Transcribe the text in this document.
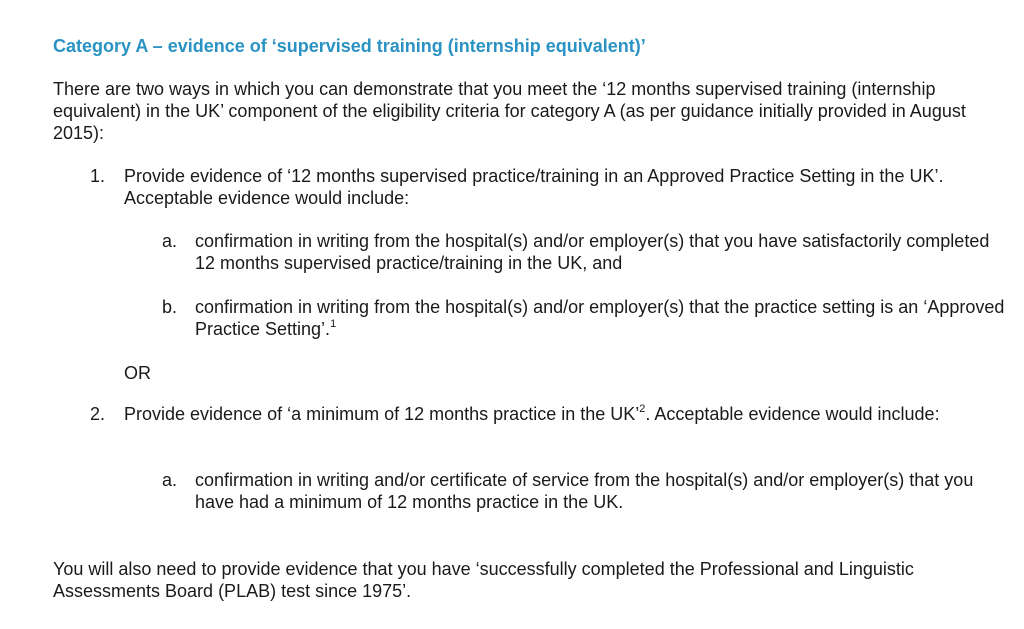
Category A – evidence of ‘supervised training (internship equivalent)’
There are two ways in which you can demonstrate that you meet the ‘12 months supervised training (internship equivalent) in the UK’ component of the eligibility criteria for category A (as per guidance initially provided in August 2015):
1. Provide evidence of ‘12 months supervised practice/training in an Approved Practice Setting in the UK’. Acceptable evidence would include:
a. confirmation in writing from the hospital(s) and/or employer(s) that you have satisfactorily completed 12 months supervised practice/training in the UK, and
b. confirmation in writing from the hospital(s) and/or employer(s) that the practice setting is an ‘Approved Practice Setting’.$^1$
OR
2. Provide evidence of ‘a minimum of 12 months practice in the UK’$^2$. Acceptable evidence would include:
a. confirmation in writing and/or certificate of service from the hospital(s) and/or employer(s) that you have had a minimum of 12 months practice in the UK.
You will also need to provide evidence that you have ‘successfully completed the Professional and Linguistic Assessments Board (PLAB) test since 1975’.
